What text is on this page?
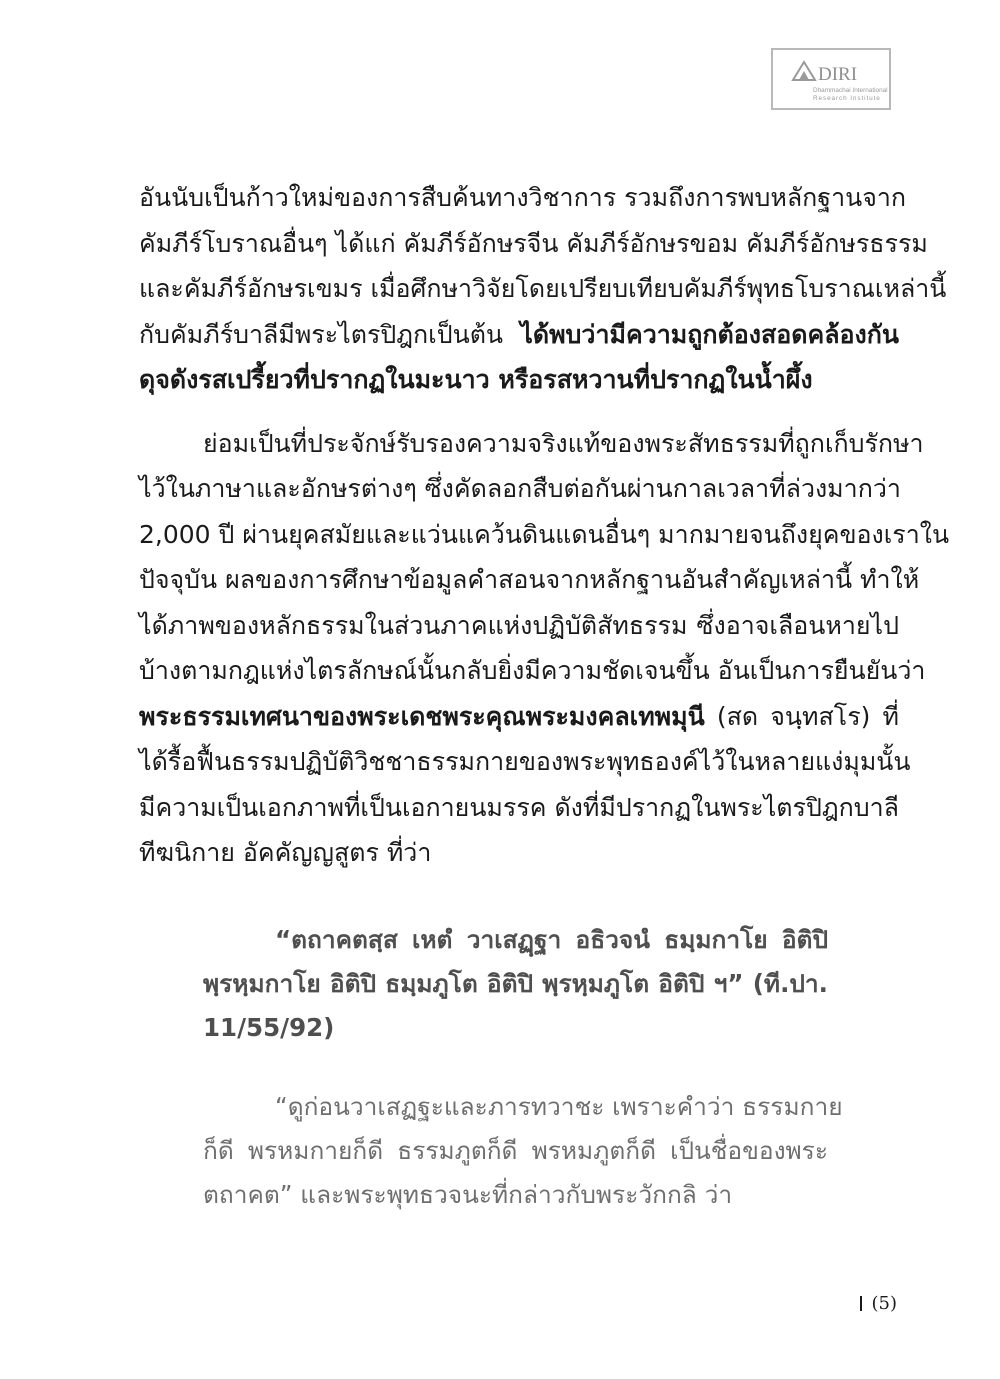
DIRI
Dhammachai International
Research Institute
อันนับเป็นก้าวใหม่ของการสืบค้นทางวิชาการ รวมถึงการพบหลักฐานจาก
คัมภีร์โบราณอื่นๆ ได้แก่ คัมภีร์อักษรจีน คัมภีร์อักษรขอม คัมภีร์อักษรธรรม
และคัมภีร์อักษรเขมร เมื่อศึกษาวิจัยโดยเปรียบเทียบคัมภีร์พุทธโบราณเหล่านี้
กับคัมภีร์บาลีมีพระไตรปิฎกเป็นต้น ได้พบว่ามีความถูกต้องสอดคล้องกัน
ดุจดังรสเปรี้ยวที่ปรากฏในมะนาว หรือรสหวานที่ปรากฏในน้ำผึ้ง
ย่อมเป็นที่ประจักษ์รับรองความจริงแท้ของพระสัทธรรมที่ถูกเก็บรักษา
ไว้ในภาษาและอักษรต่างๆ ซึ่งคัดลอกสืบต่อกันผ่านกาลเวลาที่ล่วงมากว่า
2,000 ปี ผ่านยุคสมัยและแว่นแคว้นดินแดนอื่นๆ มากมายจนถึงยุคของเราใน
ปัจจุบัน ผลของการศึกษาข้อมูลคำสอนจากหลักฐานอันสำคัญเหล่านี้ ทำให้
ได้ภาพของหลักธรรมในส่วนภาคแห่งปฏิบัติสัทธรรม ซึ่งอาจเลือนหายไป
บ้างตามกฎแห่งไตรลักษณ์นั้นกลับยิ่งมีความชัดเจนขึ้น อันเป็นการยืนยันว่า
พระธรรมเทศนาของพระเดชพระคุณพระมงคลเทพมุนี (สด จนฺทสโร) ที่
ได้รื้อฟื้นธรรมปฏิบัติวิชชาธรรมกายของพระพุทธองค์ไว้ในหลายแง่มุมนั้น
มีความเป็นเอกภาพที่เป็นเอกายนมรรค ดังที่มีปรากฏในพระไตรปิฎกบาลี
ทีฆนิกาย อัคคัญญสูตร ที่ว่า
“ตถาคตสฺส เหตํ วาเสฏฺฐา อธิวจนํ ธมฺมกาโย อิติปิ
พฺรหฺมกาโย อิติปิ ธมฺมภูโต อิติปิ พฺรหฺมภูโต อิติปิ ฯ” (ที.ปา.
11/55/92)
“ดูก่อนวาเสฏฐะและภารทวาชะ เพราะคำว่า ธรรมกาย
ก็ดี พรหมกายก็ดี ธรรมภูตก็ดี พรหมภูตก็ดี เป็นชื่อของพระ
ตถาคต” และพระพุทธวจนะที่กล่าวกับพระวักกลิ ว่า
(5)
